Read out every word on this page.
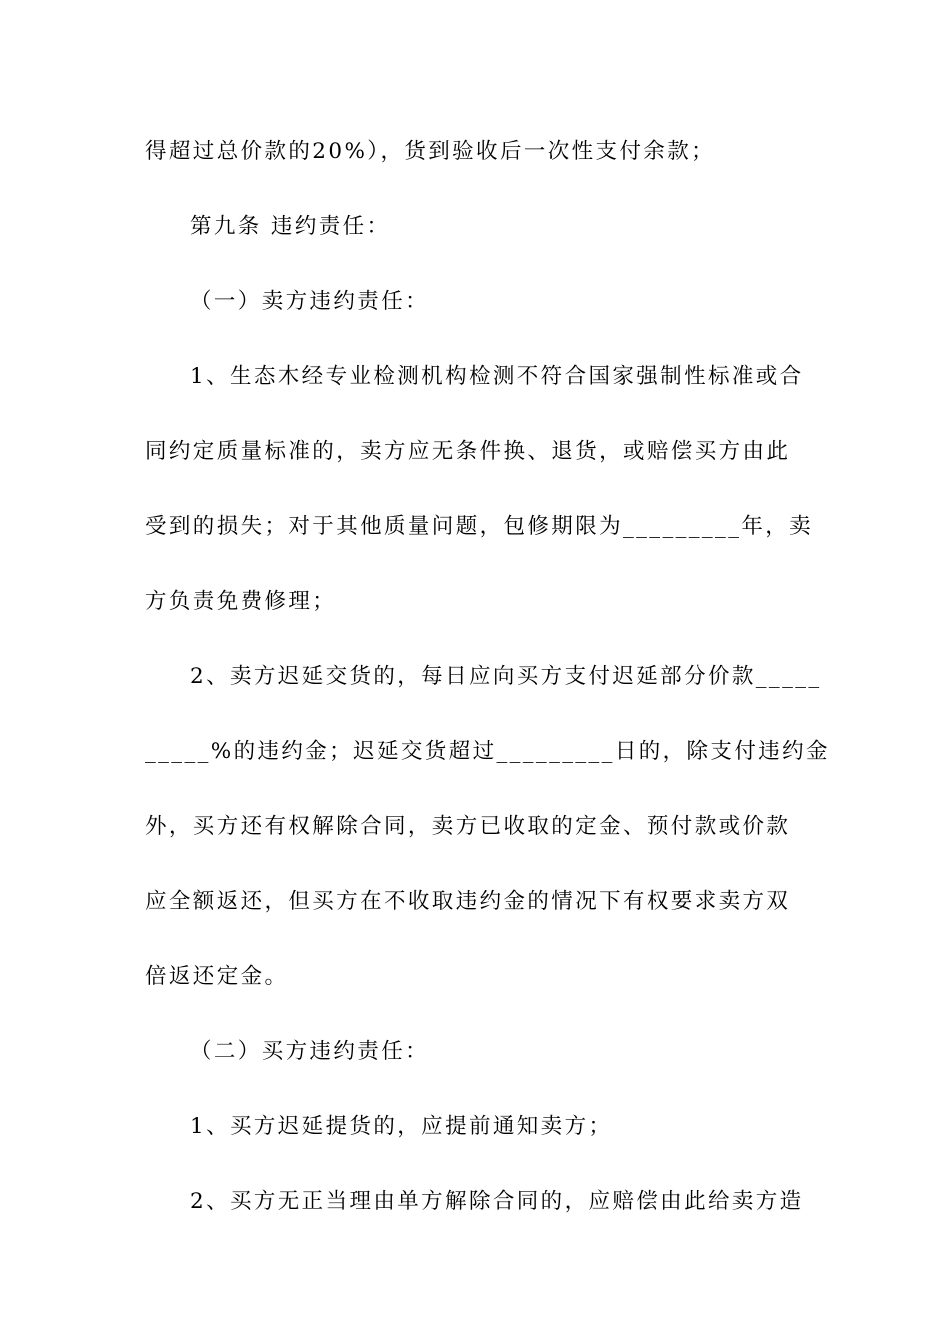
得超过总价款的20%），货到验收后一次性支付余款；
第九条 违约责任：
（一）卖方违约责任：
1、生态木经专业检测机构检测不符合国家强制性标准或合
同约定质量标准的，卖方应无条件换、退货，或赔偿买方由此
受到的损失；对于其他质量问题，包修期限为_________年，卖
方负责免费修理；
2、卖方迟延交货的，每日应向买方支付迟延部分价款_____
_____%的违约金；迟延交货超过_________日的，除支付违约金
外，买方还有权解除合同，卖方已收取的定金、预付款或价款
应全额返还，但买方在不收取违约金的情况下有权要求卖方双
倍返还定金。
（二）买方违约责任：
1、买方迟延提货的，应提前通知卖方；
2、买方无正当理由单方解除合同的，应赔偿由此给卖方造
